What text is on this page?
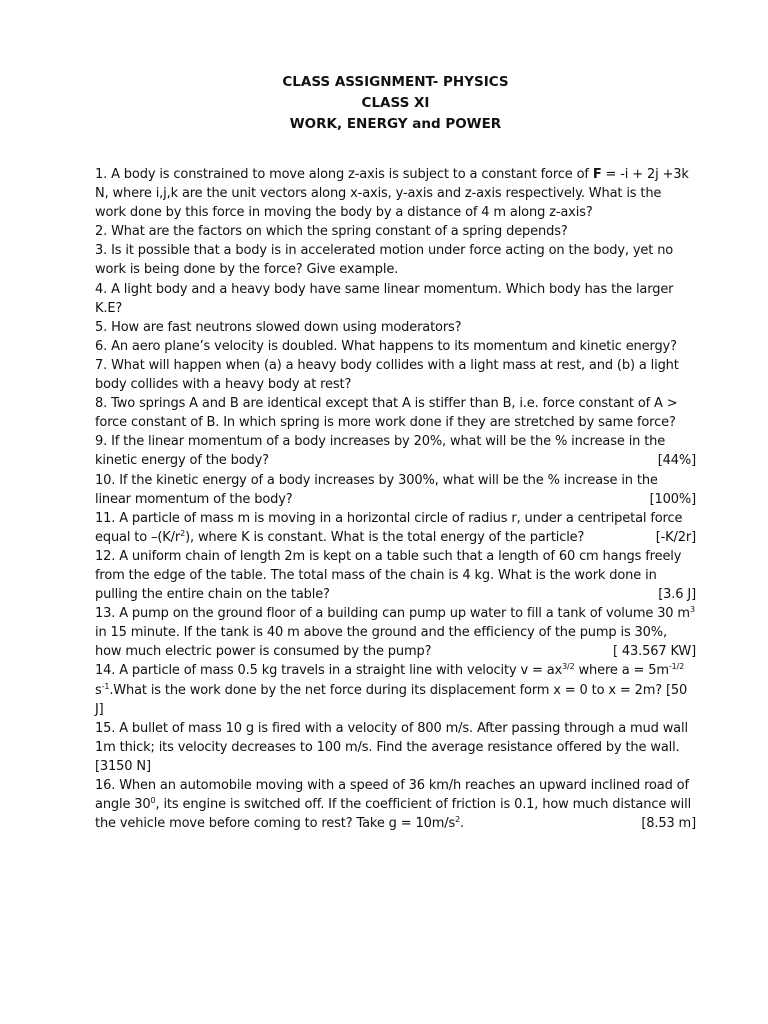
CLASS ASSIGNMENT- PHYSICS
CLASS XI
WORK, ENERGY and POWER

1. A body is constrained to move along z-axis is subject to a constant force of F = -i + 2j +3k N, where i,j,k are the unit vectors along x-axis, y-axis and z-axis respectively. What is the work done by this force in moving the body by a distance of 4 m along z-axis?

2. What are the factors on which the spring constant of a spring depends?

3. Is it possible that a body is in accelerated motion under force acting on the body, yet no work is being done by the force? Give example.

4. A light body and a heavy body have same linear momentum. Which body has the larger K.E?

5. How are fast neutrons slowed down using moderators?

6. An aero plane’s velocity is doubled. What happens to its momentum and kinetic energy?

7. What will happen when (a) a heavy body collides with a light mass at rest, and (b) a light body collides with a heavy body at rest?

8. Two springs A and B are identical except that A is stiffer than B, i.e. force constant of A > force constant of B. In which spring is more work done if they are stretched by same force?

9. If the linear momentum of a body increases by 20%, what will be the % increase in the kinetic energy of the body?	[44%]

10. If the kinetic energy of a body increases by 300%, what will be the % increase in the linear momentum of the body?	[100%]

11. A particle of mass m is moving in a horizontal circle of radius r, under a centripetal force equal to $-(K/r^2)$, where K is constant. What is the total energy of the particle?	[-K/2r]

12. A uniform chain of length 2m is kept on a table such that a length of 60 cm hangs freely from the edge of the table. The total mass of the chain is 4 kg. What is the work done in pulling the entire chain on the table?	[3.6 J]

13. A pump on the ground floor of a building can pump up water to fill a tank of volume 30 $m^3$ in 15 minute. If the tank is 40 m above the ground and the efficiency of the pump is 30%, how much electric power is consumed by the pump?	[ 43.567 KW]

14. A particle of mass 0.5 kg travels in a straight line with velocity $v = ax^{3/2}$ where $a = 5m^{-1/2}$ $s^{-1}.What$ is the work done by the net force during its displacement form x = 0 to x = 2m? [50 J]

15. A bullet of mass 10 g is fired with a velocity of 800 m/s. After passing through a mud wall 1m thick; its velocity decreases to 100 m/s. Find the average resistance offered by the wall.
[3150 N]

16. When an automobile moving with a speed of 36 km/h reaches an upward inclined road of angle $30^0$, its engine is switched off. If the coefficient of friction is 0.1, how much distance will the vehicle move before coming to rest? Take $g = 10m/s^2$.	[8.53 m]
